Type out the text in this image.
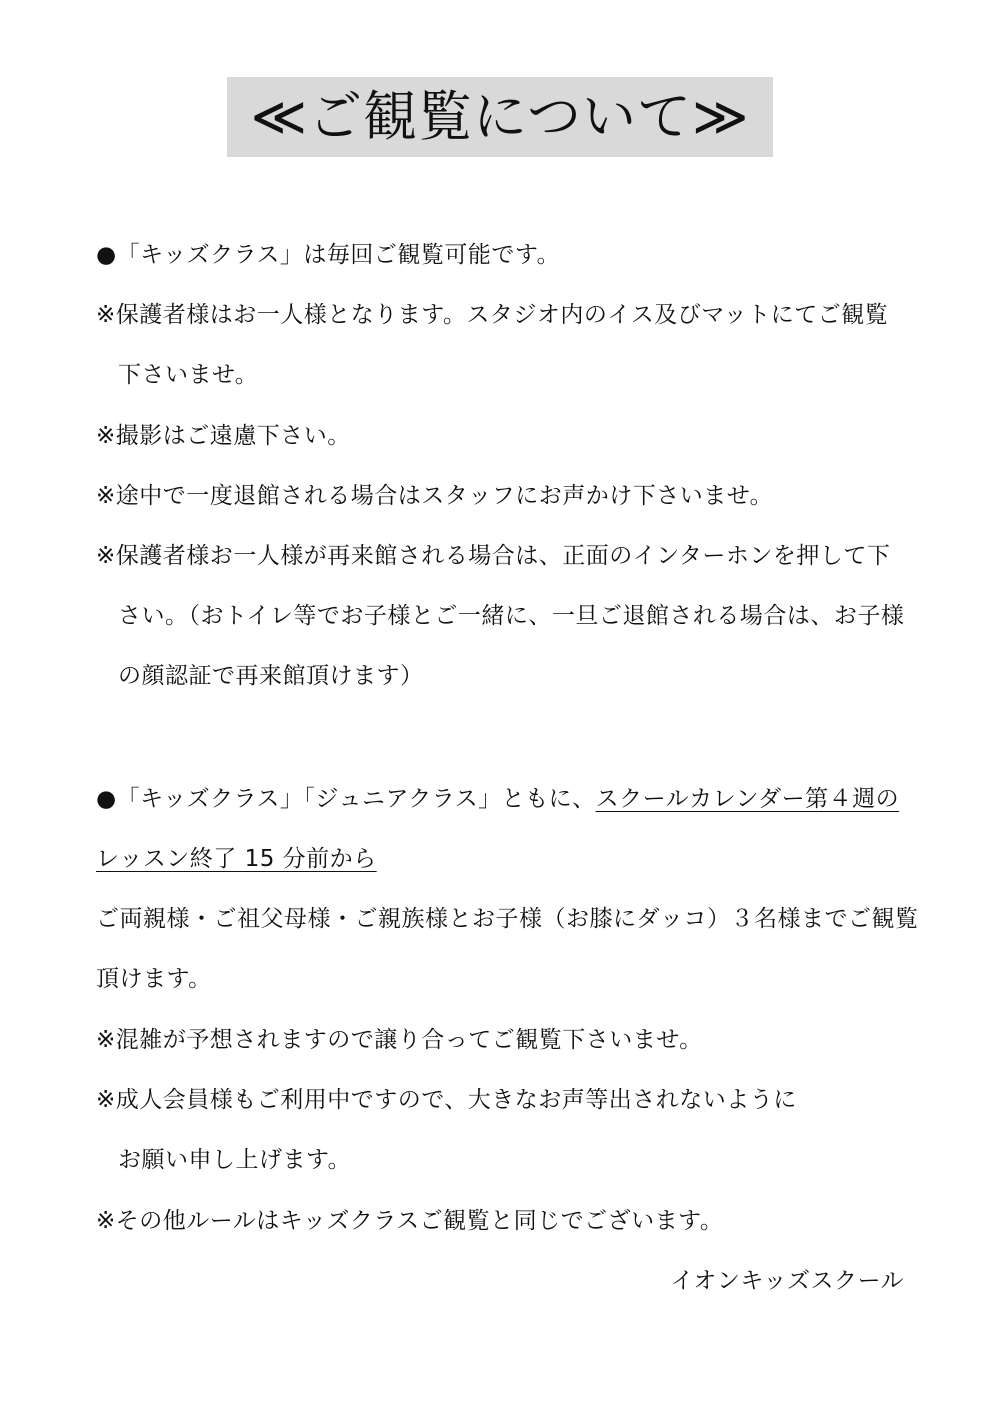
≪ご観覧について≫
●「キッズクラス」は毎回ご観覧可能です。
※保護者様はお一人様となります。スタジオ内のイス及びマットにてご観覧
下さいませ。
※撮影はご遠慮下さい。
※途中で一度退館される場合はスタッフにお声かけ下さいませ。
※保護者様お一人様が再来館される場合は、正面のインターホンを押して下
さい。（おトイレ等でお子様とご一緒に、一旦ご退館される場合は、お子様
の顔認証で再来館頂けます）
●「キッズクラス」「ジュニアクラス」ともに、スクールカレンダー第４週の
レッスン終了 15 分前から
ご両親様・ご祖父母様・ご親族様とお子様（お膝にダッコ）３名様までご観覧
頂けます。
※混雑が予想されますので譲り合ってご観覧下さいませ。
※成人会員様もご利用中ですので、大きなお声等出されないように
お願い申し上げます。
※その他ルールはキッズクラスご観覧と同じでございます。
イオンキッズスクール
